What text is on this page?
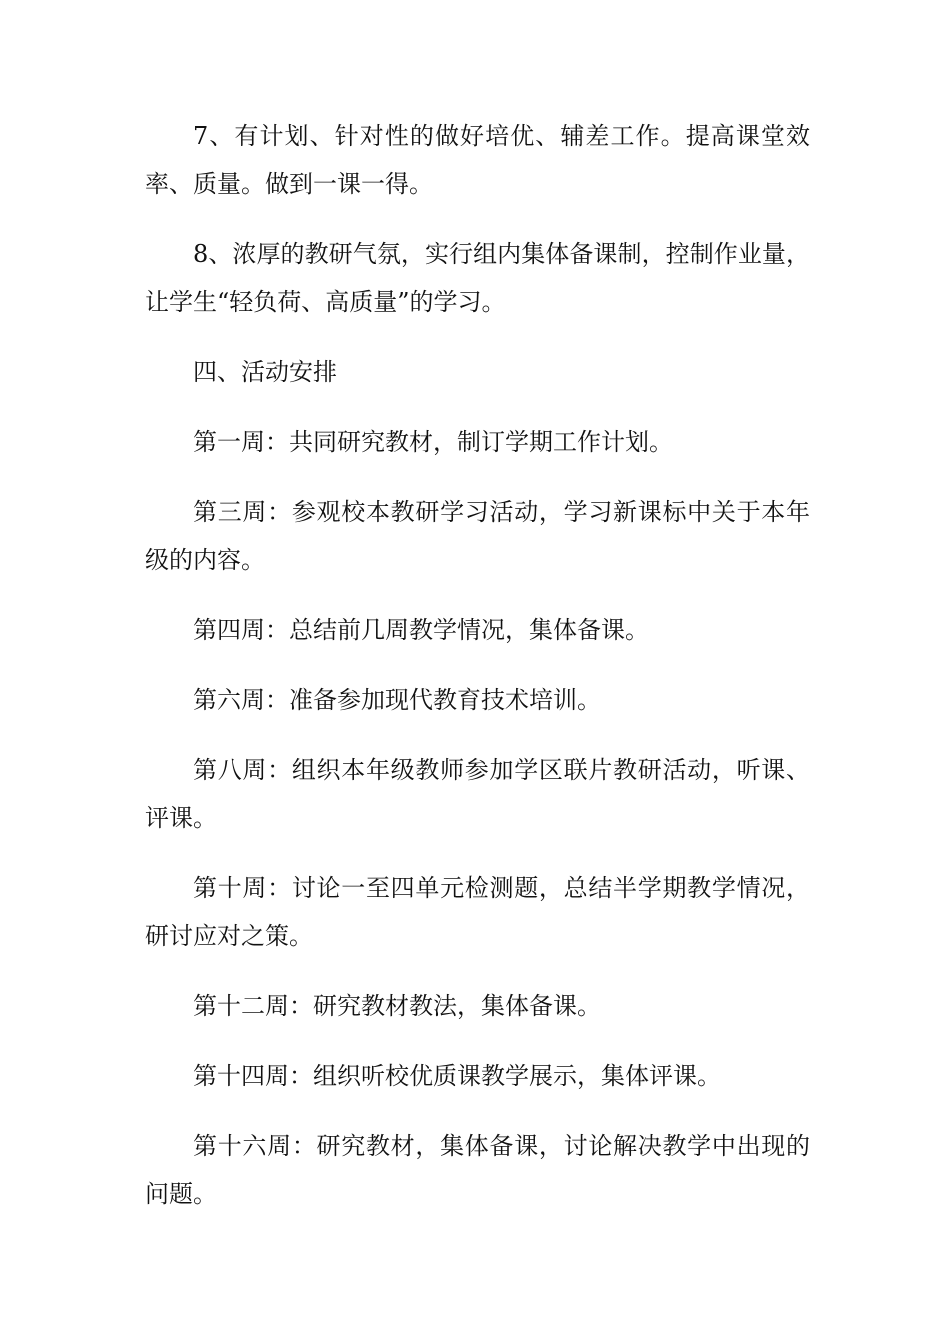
7、有计划、针对性的做好培优、辅差工作。提高课堂效率、质量。做到一课一得。

8、浓厚的教研气氛，实行组内集体备课制，控制作业量，让学生“轻负荷、高质量”的学习。

四、活动安排

第一周：共同研究教材，制订学期工作计划。

第三周：参观校本教研学习活动，学习新课标中关于本年级的内容。

第四周：总结前几周教学情况，集体备课。

第六周：准备参加现代教育技术培训。

第八周：组织本年级教师参加学区联片教研活动，听课、评课。

第十周：讨论一至四单元检测题，总结半学期教学情况，研讨应对之策。

第十二周：研究教材教法，集体备课。

第十四周：组织听校优质课教学展示，集体评课。

第十六周：研究教材，集体备课，讨论解决教学中出现的问题。
